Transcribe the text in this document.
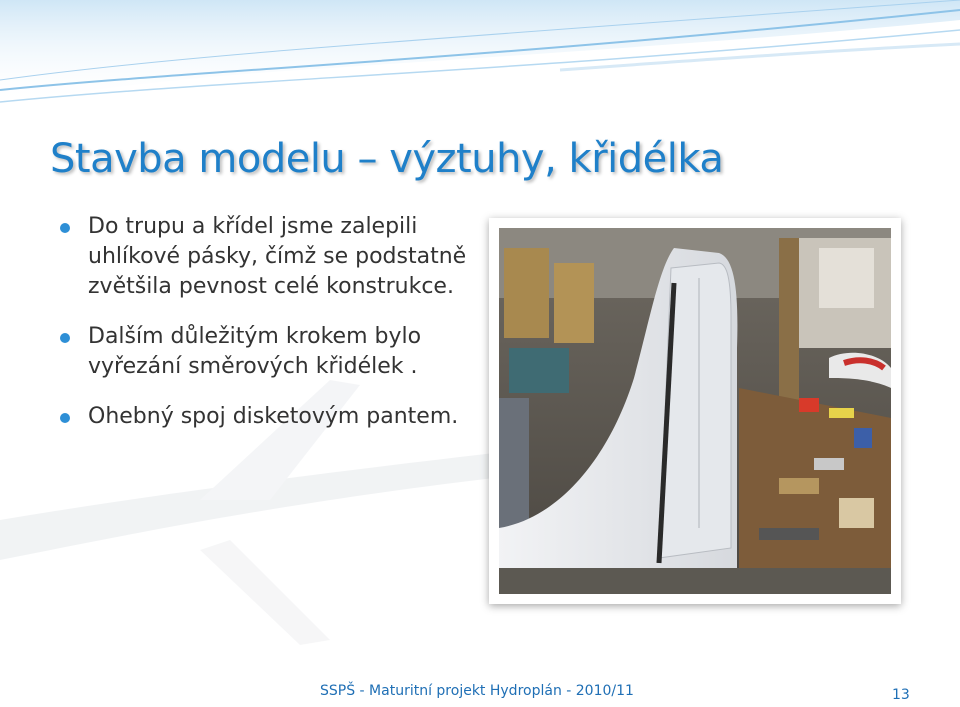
Stavba modelu – výztuhy, křidélka
Do trupu a křídel jsme zalepili uhlíkové pásky, čímž se podstatně zvětšila pevnost celé konstrukce.
Dalším důležitým krokem bylo vyřezání směrových křidélek .
Ohebný spoj disketovým pantem.
SSPŠ - Maturitní projekt Hydroplán - 2010/11	13
